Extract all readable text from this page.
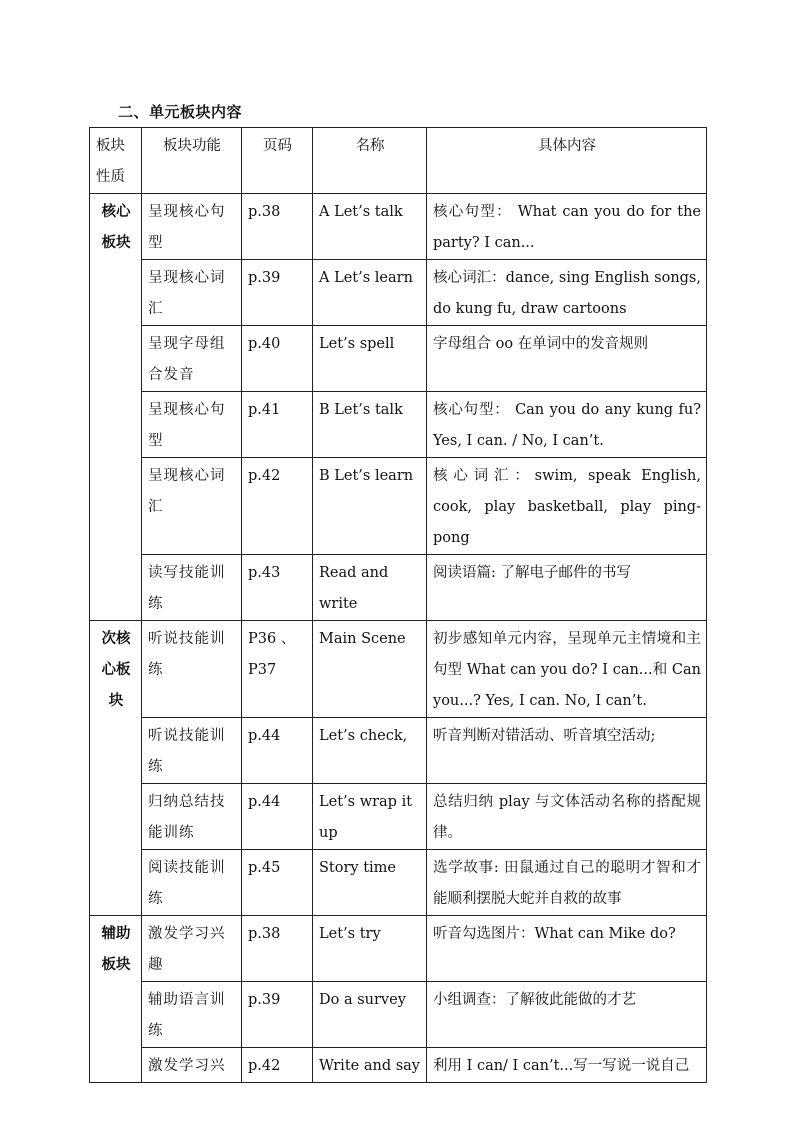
二、单元板块内容
板块性质	板块功能	页码	名称	具体内容
核心板块	呈现核心句型	p.38	A Let’s talk	核心句型： What can you do for the party? I can...
	呈现核心词汇	p.39	A Let’s learn	核心词汇：dance, sing English songs, do kung fu, draw cartoons
	呈现字母组合发音	p.40	Let’s spell	字母组合 oo 在单词中的发音规则
	呈现核心句型	p.41	B Let’s talk	核心句型： Can you do any kung fu? Yes, I can. / No, I can’t.
	呈现核心词汇	p.42	B Let’s learn	核心词汇：swim, speak English, cook, play basketball, play ping-pong
	读写技能训练	p.43	Read and write	阅读语篇: 了解电子邮件的书写
次核心板块	听说技能训练	P36 、P37	Main Scene	初步感知单元内容，呈现单元主情境和主句型 What can you do? I can...和 Can you...? Yes, I can. No, I can’t.
	听说技能训练	p.44	Let’s check,	听音判断对错活动、听音填空活动;
	归纳总结技能训练	p.44	Let’s wrap it up	总结归纳 play 与文体活动名称的搭配规律。
	阅读技能训练	p.45	Story time	选学故事: 田鼠通过自己的聪明才智和才能顺利摆脱大蛇并自救的故事
辅助板块	激发学习兴趣	p.38	Let’s try	听音勾选图片：What can Mike do?
	辅助语言训练	p.39	Do a survey	小组调查：了解彼此能做的才艺
	激发学习兴	p.42	Write and say	利用 I can/ I can’t...写一写说一说自己
